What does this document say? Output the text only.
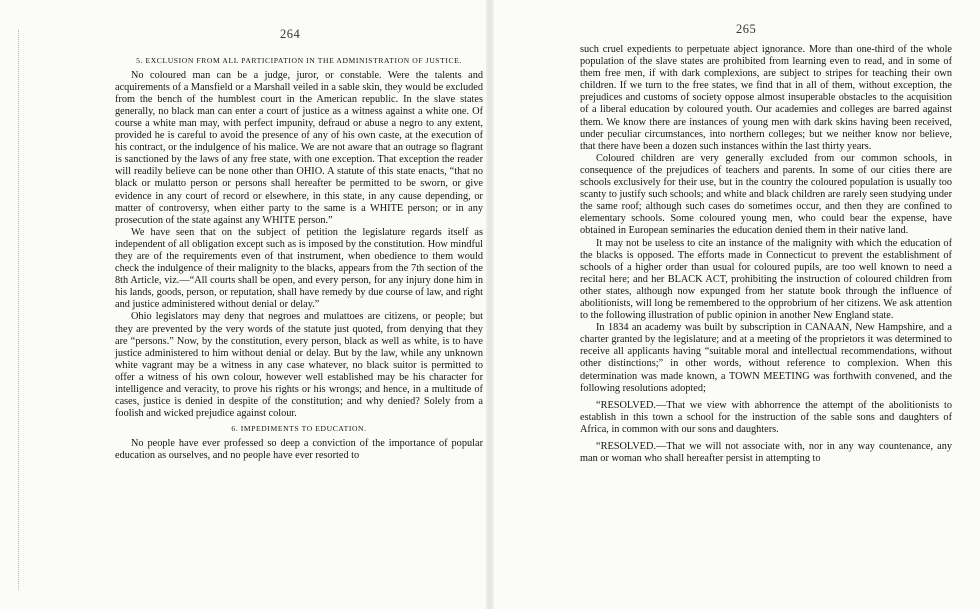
264

5. EXCLUSION FROM ALL PARTICIPATION IN THE ADMINISTRATION OF JUSTICE.

No coloured man can be a judge, juror, or constable. Were the talents and acquirements of a Mansfield or a Marshall veiled in a sable skin, they would be excluded from the bench of the humblest court in the American republic. In the slave states generally, no black man can enter a court of justice as a witness against a white one. Of course a white man may, with perfect impunity, defraud or abuse a negro to any extent, provided he is careful to avoid the presence of any of his own caste, at the execution of his contract, or the indulgence of his malice. We are not aware that an outrage so flagrant is sanctioned by the laws of any free state, with one exception. That exception the reader will readily believe can be none other than OHIO. A statute of this state enacts, “that no black or mulatto person or persons shall hereafter be permitted to be sworn, or give evidence in any court of record or elsewhere, in this state, in any cause depending, or matter of controversy, when either party to the same is a WHITE person; or in any prosecution of the state against any WHITE person.”

We have seen that on the subject of petition the legislature regards itself as independent of all obligation except such as is imposed by the constitution. How mindful they are of the requirements even of that instrument, when obedience to them would check the indulgence of their malignity to the blacks, appears from the 7th section of the 8th Article, viz.—“All courts shall be open, and every person, for any injury done him in his lands, goods, person, or reputation, shall have remedy by due course of law, and right and justice administered without denial or delay.”

Ohio legislators may deny that negroes and mulattoes are citizens, or people; but they are prevented by the very words of the statute just quoted, from denying that they are “persons.” Now, by the constitution, every person, black as well as white, is to have justice administered to him without denial or delay. But by the law, while any unknown white vagrant may be a witness in any case whatever, no black suitor is permitted to offer a witness of his own colour, however well established may be his character for intelligence and veracity, to prove his rights or his wrongs; and hence, in a multitude of cases, justice is denied in despite of the constitution; and why denied? Solely from a foolish and wicked prejudice against colour.

6. IMPEDIMENTS TO EDUCATION.

No people have ever professed so deep a conviction of the importance of popular education as ourselves, and no people have ever resorted to

265

such cruel expedients to perpetuate abject ignorance. More than one-third of the whole population of the slave states are prohibited from learning even to read, and in some of them free men, if with dark complexions, are subject to stripes for teaching their own children. If we turn to the free states, we find that in all of them, without exception, the prejudices and customs of society oppose almost insuperable obstacles to the acquisition of a liberal education by coloured youth. Our academies and colleges are barred against them. We know there are instances of young men with dark skins having been received, under peculiar circumstances, into northern colleges; but we neither know nor believe, that there have been a dozen such instances within the last thirty years.

Coloured children are very generally excluded from our common schools, in consequence of the prejudices of teachers and parents. In some of our cities there are schools exclusively for their use, but in the country the coloured population is usually too scanty to justify such schools; and white and black children are rarely seen studying under the same roof; although such cases do sometimes occur, and then they are confined to elementary schools. Some coloured young men, who could bear the expense, have obtained in European seminaries the education denied them in their native land.

It may not be useless to cite an instance of the malignity with which the education of the blacks is opposed. The efforts made in Connecticut to prevent the establishment of schools of a higher order than usual for coloured pupils, are too well known to need a recital here; and her BLACK ACT, prohibiting the instruction of coloured children from other states, although now expunged from her statute book through the influence of abolitionists, will long be remembered to the opprobrium of her citizens. We ask attention to the following illustration of public opinion in another New England state.

In 1834 an academy was built by subscription in CANAAN, New Hampshire, and a charter granted by the legislature; and at a meeting of the proprietors it was determined to receive all applicants having “suitable moral and intellectual recommendations, without other distinctions;” in other words, without reference to complexion. When this determination was made known, a TOWN MEETING was forthwith convened, and the following resolutions adopted;

“RESOLVED.—That we view with abhorrence the attempt of the abolitionists to establish in this town a school for the instruction of the sable sons and daughters of Africa, in common with our sons and daughters.

“RESOLVED.—That we will not associate with, nor in any way countenance, any man or woman who shall hereafter persist in attempting to
